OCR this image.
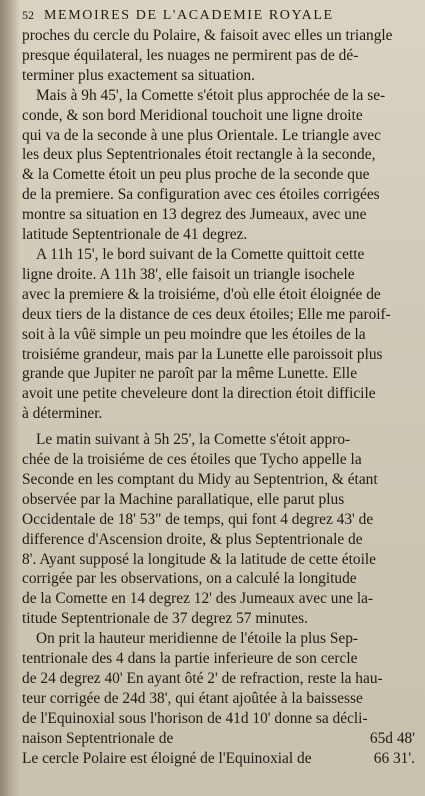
52 MEMOIRES DE L'ACADEMIE ROYALE

proches du cercle du Polaire, & faisoit avec elles un triangle
presque équilateral, les nuages ne permirent pas de dé-
terminer plus exactement sa situation.

Mais à 9h 45', la Comette s'étoit plus approchée de la se-
conde, & son bord Meridional touchoit une ligne droite
qui va de la seconde à une plus Orientale. Le triangle avec
les deux plus Septentrionales étoit rectangle à la seconde,
& la Comette étoit un peu plus proche de la seconde que
de la premiere. Sa configuration avec ces étoiles corrigées
montre sa situation en 13 degrez des Jumeaux, avec une
latitude Septentrionale de 41 degrez.

A 11h 15', le bord suivant de la Comette quittoit cette
ligne droite. A 11h 38', elle faisoit un triangle isochele
avec la premiere & la troisiéme, d'où elle étoit éloignée de
deux tiers de la distance de ces deux étoiles; Elle me paroif-
soit à la vûë simple un peu moindre que les étoiles de la
troisiéme grandeur, mais par la Lunette elle paroissoit plus
grande que Jupiter ne paroît par la même Lunette. Elle
avoit une petite cheveleure dont la direction étoit difficile
à déterminer.

Le matin suivant à 5h 25', la Comette s'étoit appro-
chée de la troisiéme de ces étoiles que Tycho appelle la
Seconde en les comptant du Midy au Septentrion, & étant
observée par la Machine parallatique, elle parut plus
Occidentale de 18' 53" de temps, qui font 4 degrez 43' de
difference d'Ascension droite, & plus Septentrionale de
8'. Ayant supposé la longitude & la latitude de cette étoile
corrigée par les observations, on a calculé la longitude
de la Comette en 14 degrez 12' des Jumeaux avec une la-
titude Septentrionale de 37 degrez 57 minutes.

On prit la hauteur meridienne de l'étoile la plus Sep-
tentrionale des 4 dans la partie inferieure de son cercle
de 24 degrez 40' En ayant ôté 2' de refraction, reste la hau-
teur corrigée de 24d 38', qui étant ajoûtée à la baissesse
de l'Equinoxial sous l'horison de 41d 10' donne sa décli-
naison Septentrionale de	65d 48'

Le cercle Polaire est éloigné de l'Equinoxial de	66 31'.
